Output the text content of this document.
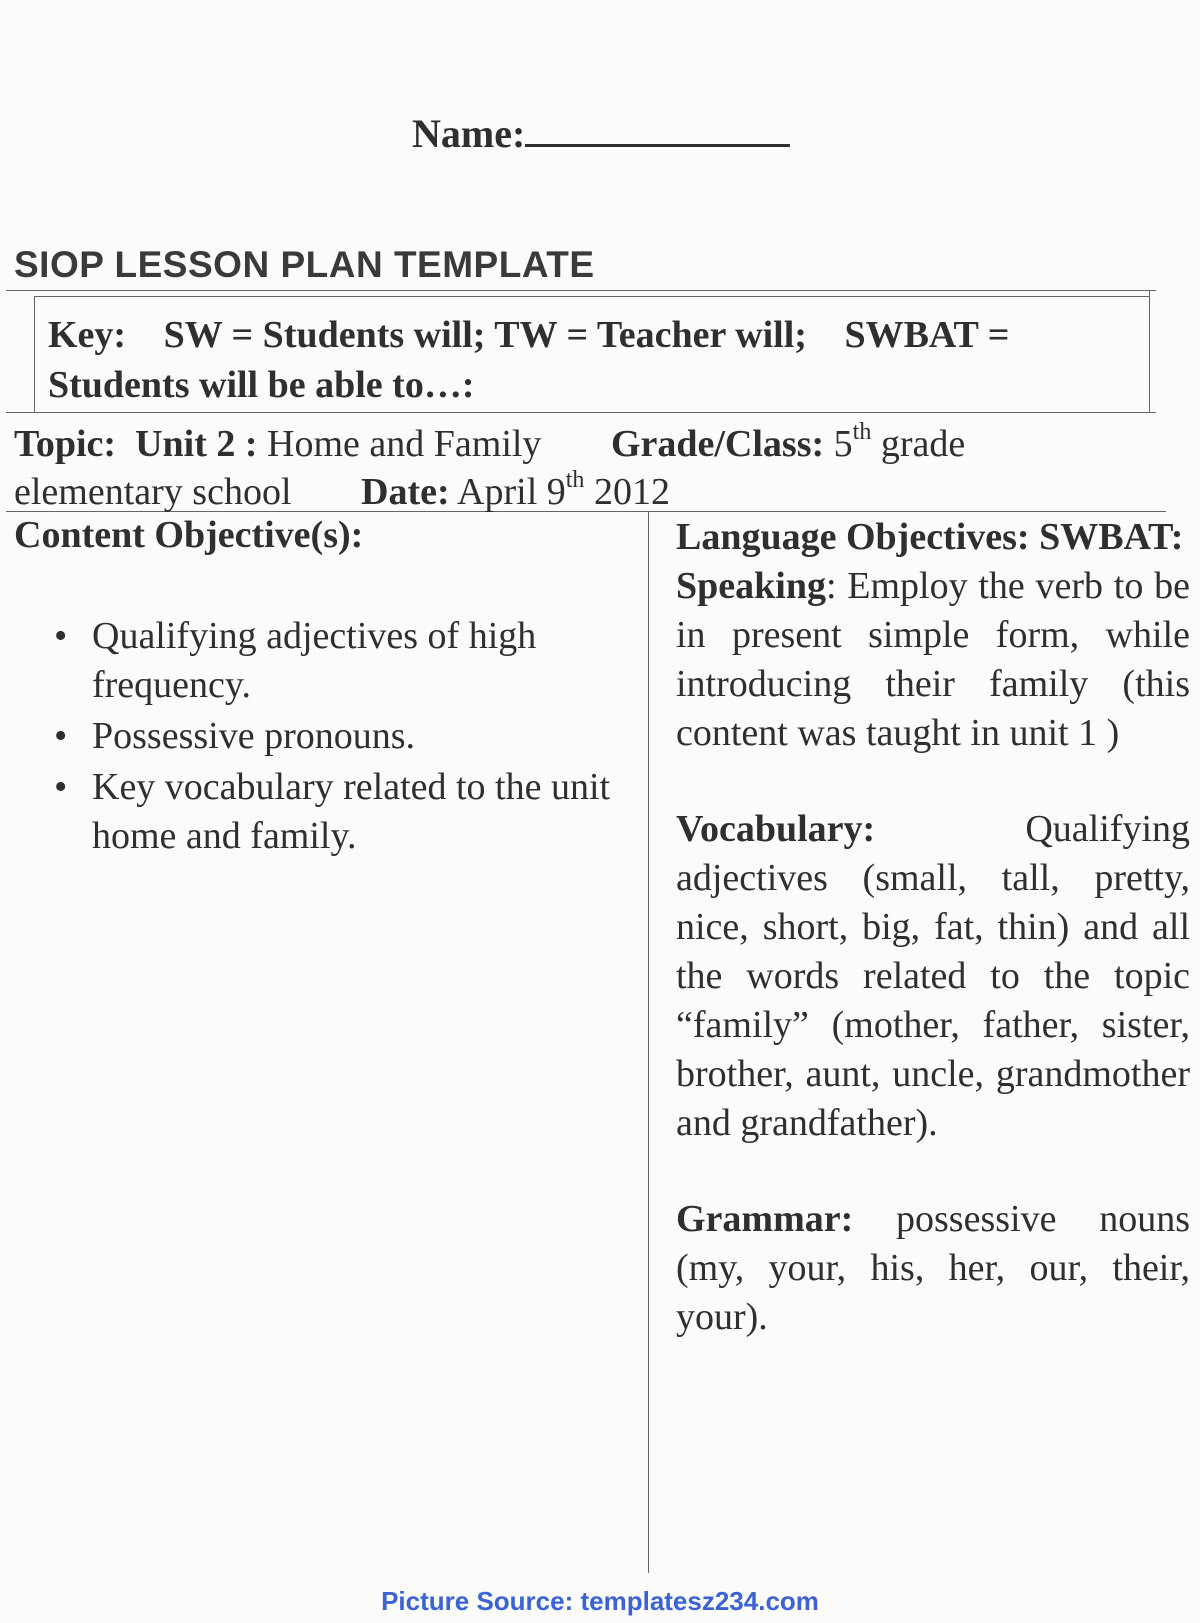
Name:
SIOP LESSON PLAN TEMPLATE
Key: SW = Students will; TW = Teacher will; SWBAT =
Students will be able to…:
Topic: Unit 2 : Home and Family Grade/Class: 5th grade
elementary school Date: April 9th 2012
Content Objective(s):
• Qualifying adjectives of high frequency.
• Possessive pronouns.
• Key vocabulary related to the unit home and family.

Language Objectives: SWBAT:

Speaking: Employ the verb to be in present simple form, while introducing their family (this content was taught in unit 1 )

Vocabulary:	Qualifying adjectives (small, tall, pretty, nice, short, big, fat, thin) and all the words related to the topic “family” (mother, father, sister, brother, aunt, uncle, grandmother and grandfather).

Grammar: possessive nouns (my, your, his, her, our, their, your).

Picture Source: templatesz234.com
